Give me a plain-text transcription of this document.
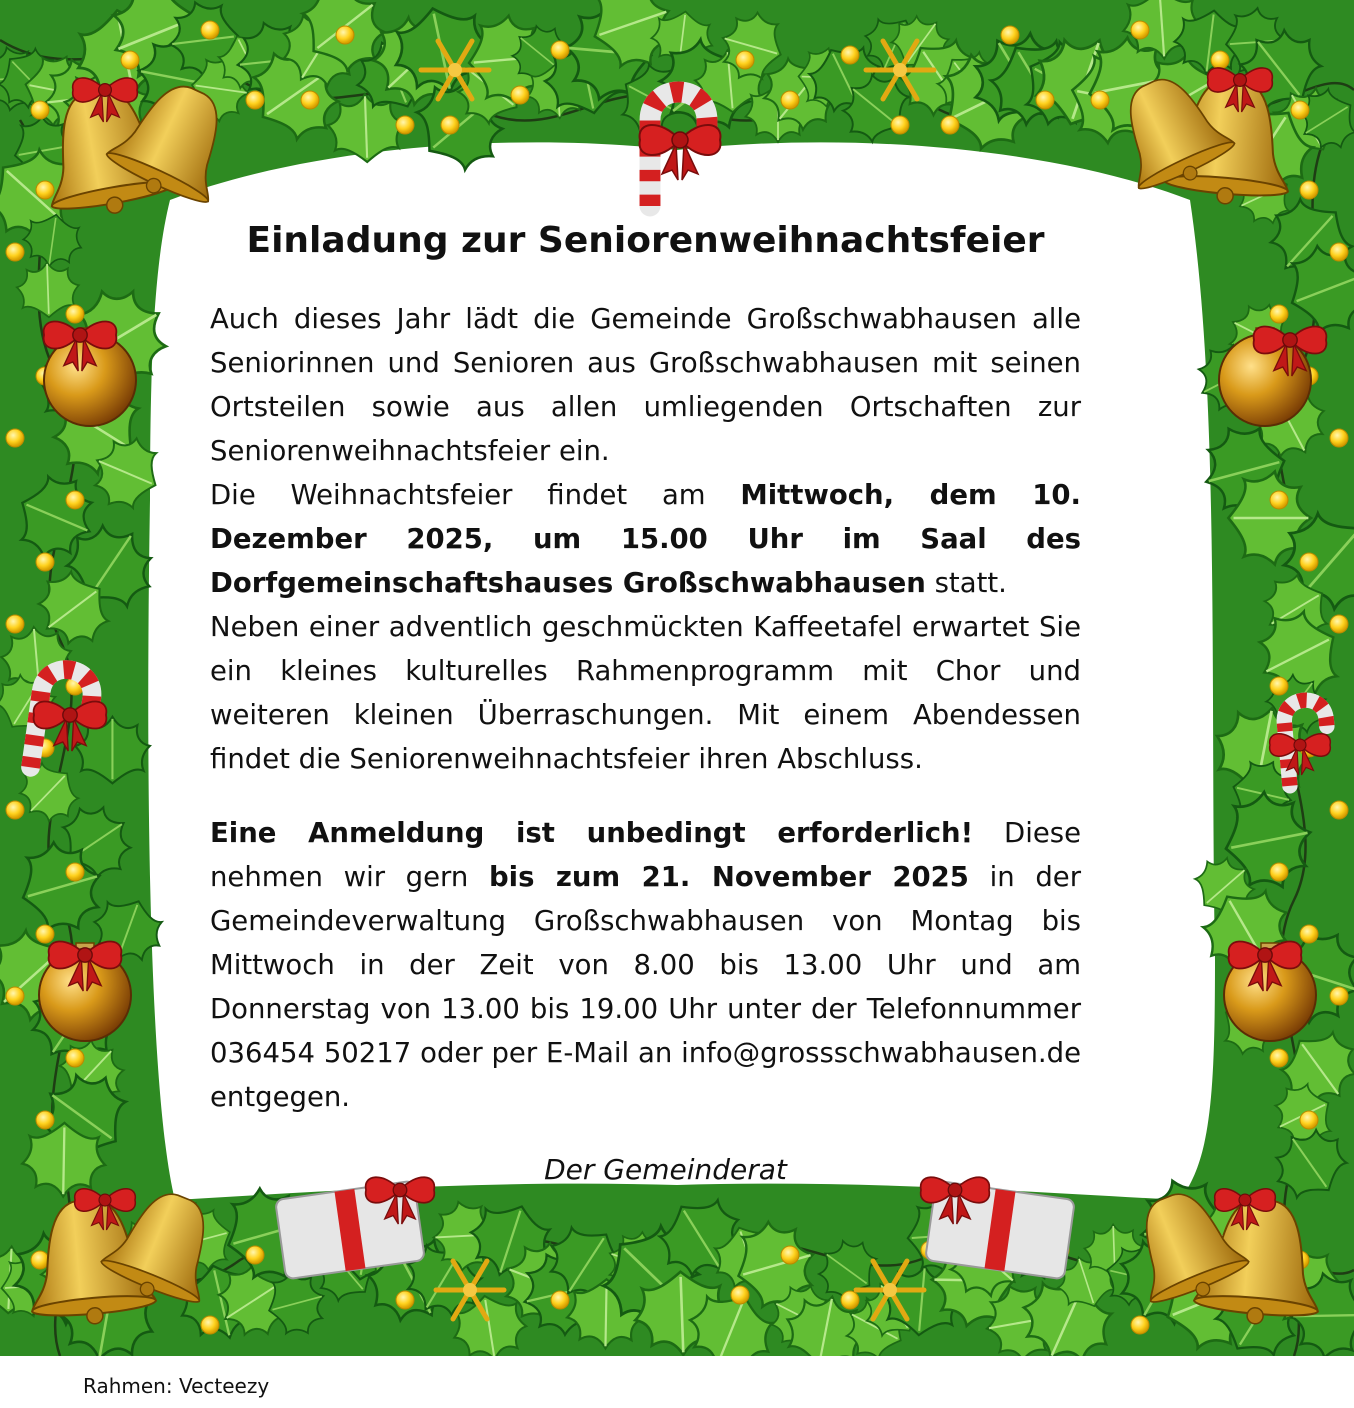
Einladung zur Seniorenweihnachtsfeier

Auch dieses Jahr lädt die Gemeinde Großschwabhausen alle Seniorinnen und Senioren aus Großschwabhausen mit seinen Ortsteilen sowie aus allen umliegenden Ortschaften zur Seniorenweihnachtsfeier ein.

Die Weihnachtsfeier findet am Mittwoch, dem 10. Dezember 2025, um 15.00 Uhr im Saal des Dorfgemeinschaftshauses Großschwabhausen statt.

Neben einer adventlich geschmückten Kaffeetafel erwartet Sie ein kleines kulturelles Rahmenprogramm mit Chor und weiteren kleinen Überraschungen. Mit einem Abendessen findet die Seniorenweihnachtsfeier ihren Abschluss.

Eine Anmeldung ist unbedingt erforderlich! Diese nehmen wir gern bis zum 21. November 2025 in der Gemeindeverwaltung Großschwabhausen von Montag bis Mittwoch in der Zeit von 8.00 bis 13.00 Uhr und am Donnerstag von 13.00 bis 19.00 Uhr unter der Telefonnummer 036454 50217 oder per E-Mail an info@grossschwabhausen.de entgegen.

Der Gemeinderat
Rahmen: Vecteezy
